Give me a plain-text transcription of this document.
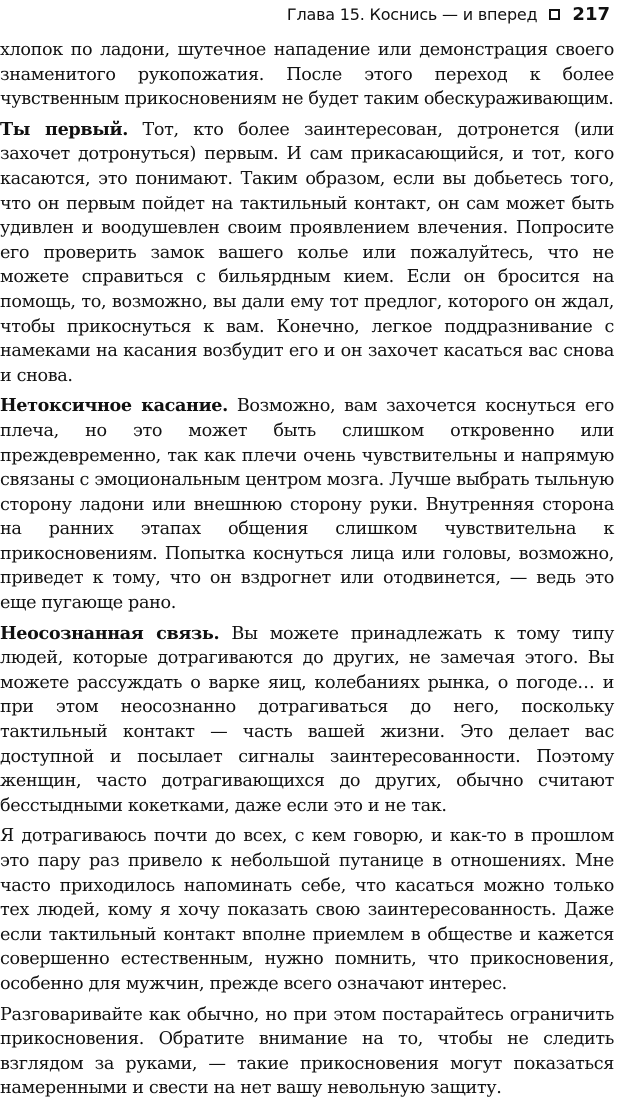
Глава 15. Коснись — и вперед 217

хлопок по ладони, шутечное нападение или демонстрация своего знаменитого рукопожатия. После этого переход к более чувственным прикосновениям не будет таким обескураживающим.

Ты первый. Тот, кто более заинтересован, дотронется (или захочет дотронуться) первым. И сам прикасающийся, и тот, кого касаются, это понимают. Таким образом, если вы добьетесь того, что он первым пойдет на тактильный контакт, он сам может быть удивлен и воодушевлен своим проявлением влечения. Попросите его проверить замок вашего колье или пожалуйтесь, что не можете справиться с бильярдным кием. Если он бросится на помощь, то, возможно, вы дали ему тот предлог, которого он ждал, чтобы прикоснуться к вам. Конечно, легкое поддразнивание с намеками на касания возбудит его и он захочет касаться вас снова и снова.

Нетоксичное касание. Возможно, вам захочется коснуться его плеча, но это может быть слишком откровенно или преждевременно, так как плечи очень чувствительны и напрямую связаны с эмоциональным центром мозга. Лучше выбрать тыльную сторону ладони или внешнюю сторону руки. Внутренняя сторона на ранних этапах общения слишком чувствительна к прикосновениям. Попытка коснуться лица или головы, возможно, приведет к тому, что он вздрогнет или отодвинется, — ведь это еще пугающе рано.

Неосознанная связь. Вы можете принадлежать к тому типу людей, которые дотрагиваются до других, не замечая этого. Вы можете рассуждать о варке яиц, колебаниях рынка, о погоде… и при этом неосознанно дотрагиваться до него, поскольку тактильный контакт — часть вашей жизни. Это делает вас доступной и посылает сигналы заинтересованности. Поэтому женщин, часто дотрагивающихся до других, обычно считают бесстыдными кокетками, даже если это и не так.

Я дотрагиваюсь почти до всех, с кем говорю, и как-то в прошлом это пару раз привело к небольшой путанице в отношениях. Мне часто приходилось напоминать себе, что касаться можно только тех людей, кому я хочу показать свою заинтересованность. Даже если тактильный контакт вполне приемлем в обществе и кажется совершенно естественным, нужно помнить, что прикосновения, особенно для мужчин, прежде всего означают интерес.

Разговаривайте как обычно, но при этом постарайтесь ограничить прикосновения. Обратите внимание на то, чтобы не следить взглядом за руками, — такие прикосновения могут показаться намеренными и свести на нет вашу невольную защиту.
